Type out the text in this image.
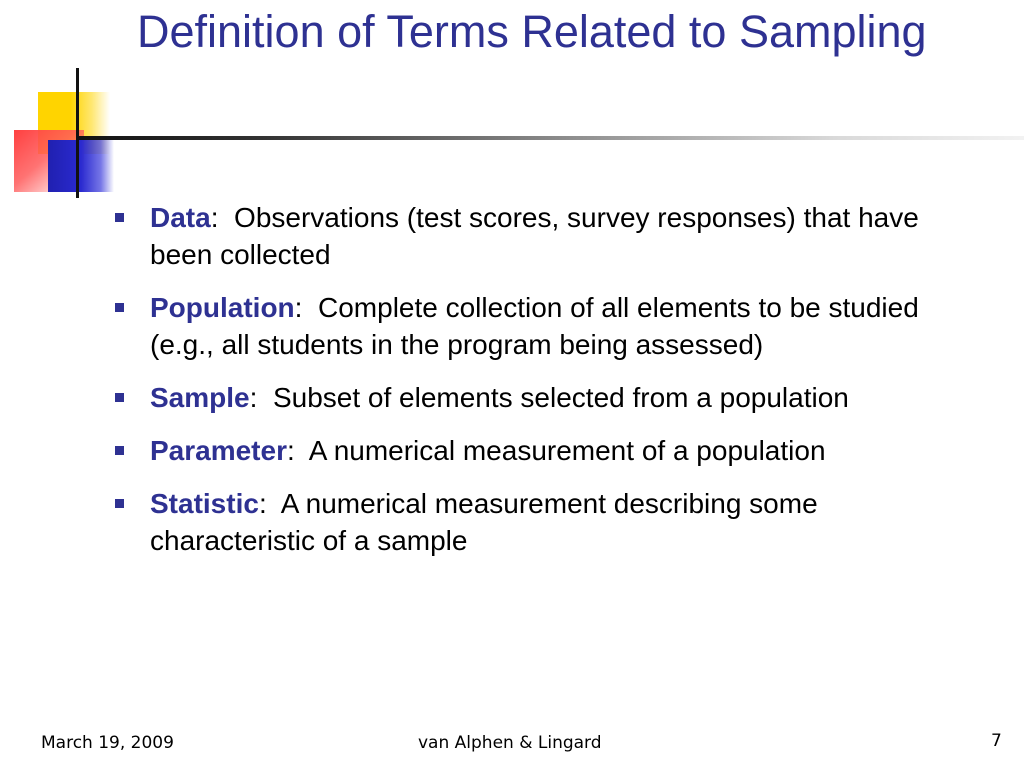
Definition of Terms Related to Sampling
Data: Observations (test scores, survey responses) that have been collected
Population: Complete collection of all elements to be studied (e.g., all students in the program being assessed)
Sample: Subset of elements selected from a population
Parameter: A numerical measurement of a population
Statistic: A numerical measurement describing some characteristic of a sample
March 19, 2009	van Alphen & Lingard	7
